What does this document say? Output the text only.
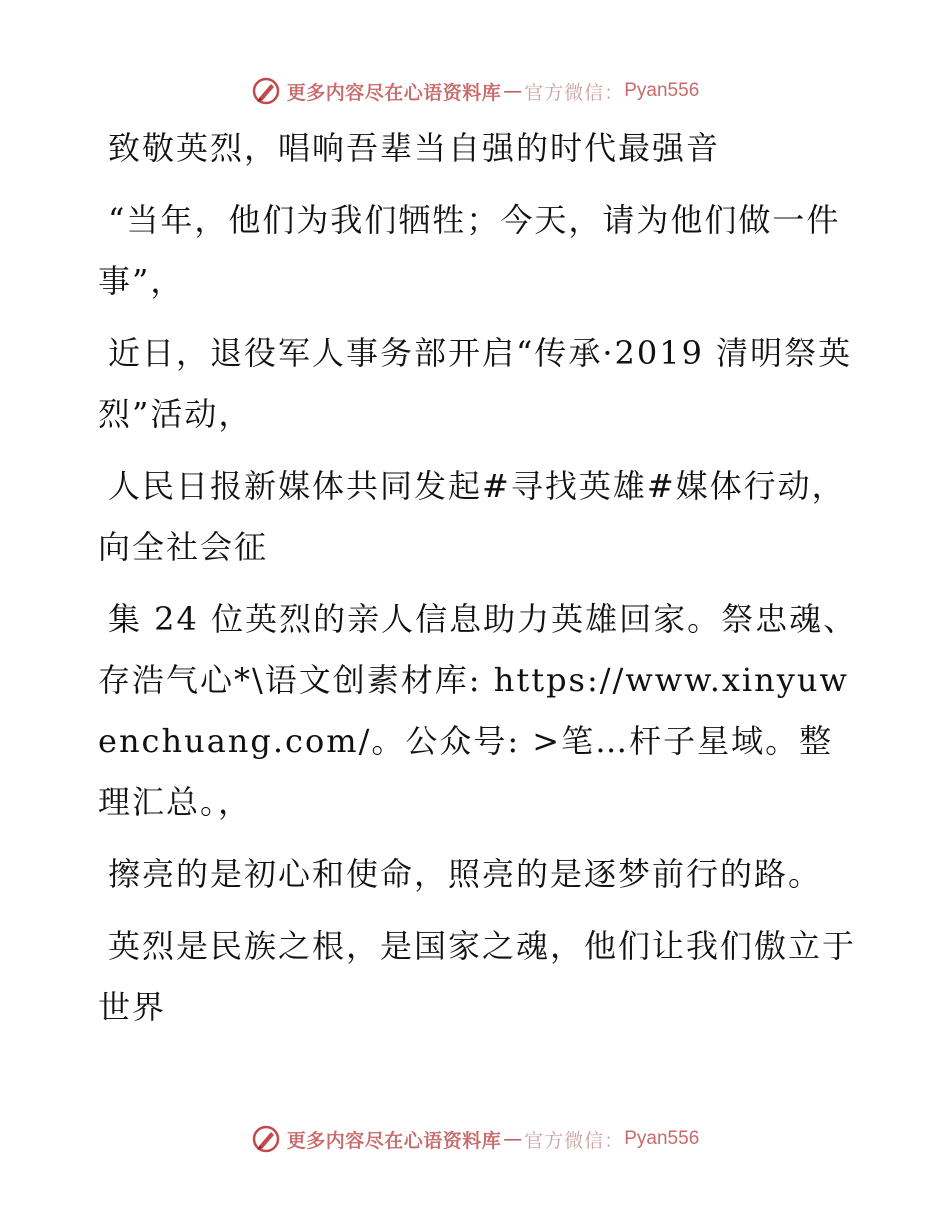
更多内容尽在心语资料库 — 官方微信： Pyan556

致敬英烈，唱响吾辈当自强的时代最强音

“当年，他们为我们牺牲；今天，请为他们做一件事”，

近日，退役军人事务部开启“传承·2019 清明祭英烈”活动，

人民日报新媒体共同发起#寻找英雄#媒体行动，向全社会征

集 24 位英烈的亲人信息助力英雄回家。祭忠魂、存浩气心*\语文创素材库: https://www.xinyuwenchuang.com/。公众号: >笔…杆子星域。整理汇总。，

擦亮的是初心和使命，照亮的是逐梦前行的路。

英烈是民族之根，是国家之魂，他们让我们傲立于世界

更多内容尽在心语资料库 — 官方微信： Pyan556
